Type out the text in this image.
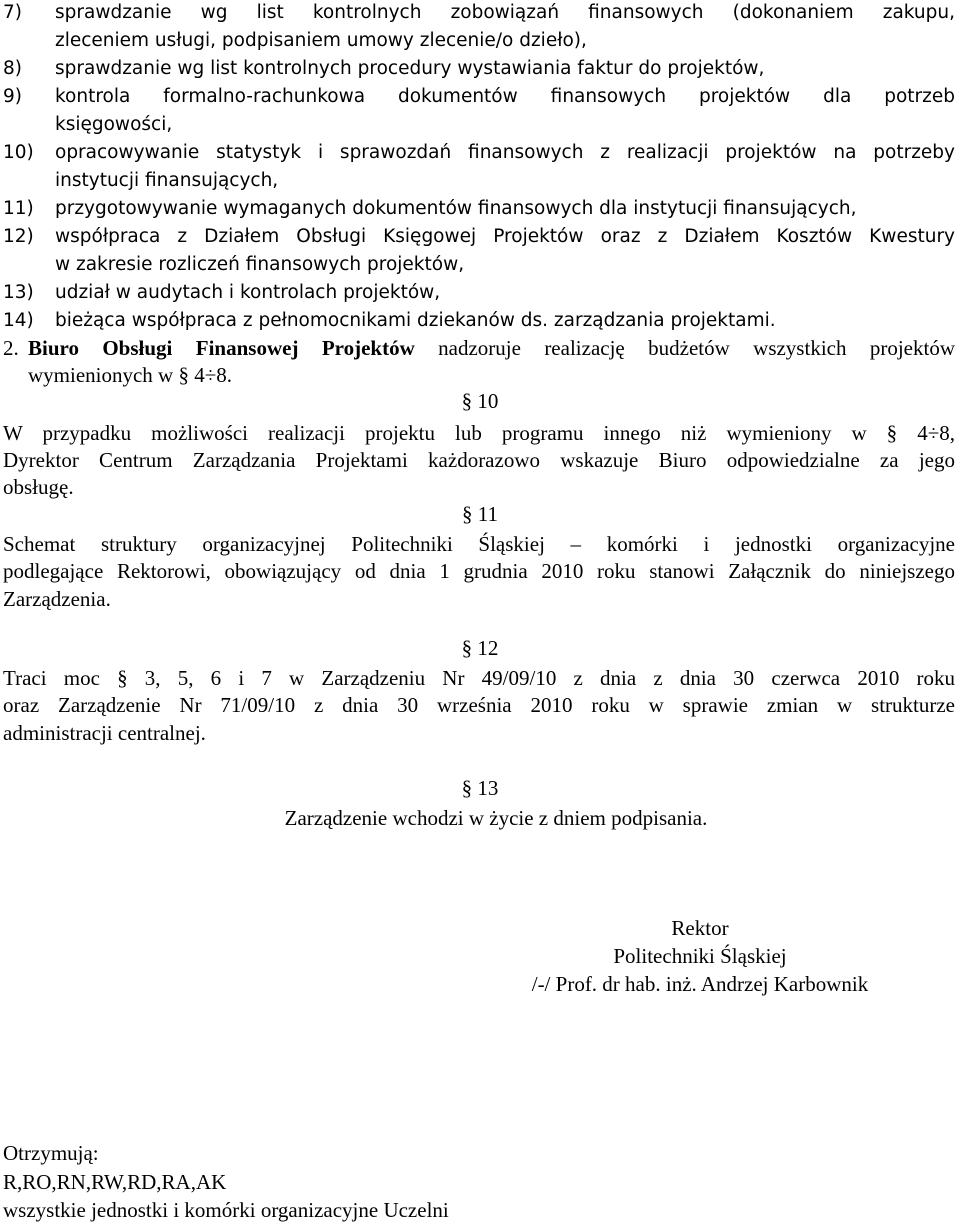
7)	sprawdzanie wg list kontrolnych zobowiązań finansowych (dokonaniem zakupu,
zleceniem usługi, podpisaniem umowy zlecenie/o dzieło),
8) sprawdzanie wg list kontrolnych procedury wystawiania faktur do projektów,
9) kontrola formalno-rachunkowa dokumentów finansowych projektów dla potrzeb
księgowości,
10) opracowywanie statystyk i sprawozdań finansowych z realizacji projektów na potrzeby
instytucji finansujących,
11) przygotowywanie wymaganych dokumentów finansowych dla instytucji finansujących,
12) współpraca z Działem Obsługi Księgowej Projektów oraz z Działem Kosztów Kwestury
w zakresie rozliczeń finansowych projektów,
13) udział w audytach i kontrolach projektów,
14) bieżąca współpraca z pełnomocnikami dziekanów ds. zarządzania projektami.
2. Biuro Obsługi Finansowej Projektów nadzoruje realizację budżetów wszystkich projektów
wymienionych w § 4÷8.
§ 10
W przypadku możliwości realizacji projektu lub programu innego niż wymieniony w § 4÷8,
Dyrektor Centrum Zarządzania Projektami każdorazowo wskazuje Biuro odpowiedzialne za jego
obsługę.
§ 11
Schemat struktury organizacyjnej Politechniki Śląskiej – komórki i jednostki organizacyjne
podlegające Rektorowi, obowiązujący od dnia 1 grudnia 2010 roku stanowi Załącznik do niniejszego
Zarządzenia.
§ 12
Traci moc § 3, 5, 6 i 7 w Zarządzeniu Nr 49/09/10 z dnia z dnia 30 czerwca 2010 roku
oraz Zarządzenie Nr 71/09/10 z dnia 30 września 2010 roku w sprawie zmian w strukturze
administracji centralnej.
§ 13
Zarządzenie wchodzi w życie z dniem podpisania.
Rektor
Politechniki Śląskiej
/-/ Prof. dr hab. inż. Andrzej Karbownik
Otrzymują:
R,RO,RN,RW,RD,RA,AK
wszystkie jednostki i komórki organizacyjne Uczelni
